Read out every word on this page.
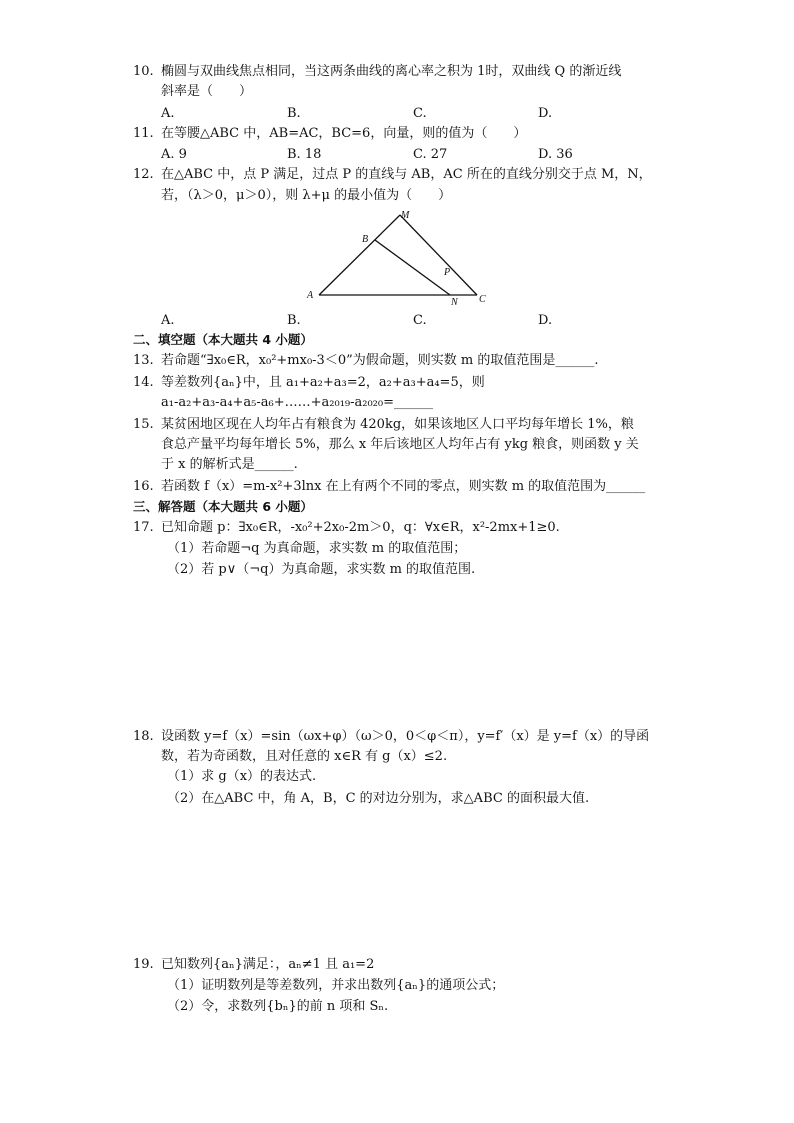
10. 椭圆与双曲线焦点相同，当这两条曲线的离心率之积为 1时，双曲线 Q 的渐近线
斜率是（　　）
A.	B.	C.	D.
11. 在等腰△ABC 中，AB=AC，BC=6，向量，则的值为（　　）
A. 9	B. 18	C. 27	D. 36
12. 在△ABC 中，点 P 满足，过点 P 的直线与 AB，AC 所在的直线分别交于点 M，N，
若，（λ＞0，μ＞0），则 λ+μ 的最小值为（　　）
M
B
P
A
N C
A.	B.	C.	D.
二、填空题（本大题共 4 小题）
13. 若命题“∃x₀∈R，x₀²+mx₀-3＜0”为假命题，则实数 m 的取值范围是______.
14. 等差数列{aₙ}中，且 a₁+a₂+a₃=2，a₂+a₃+a₄=5，则
a₁-a₂+a₃-a₄+a₅-a₆+……+a₂₀₁₉-a₂₀₂₀=______
15. 某贫困地区现在人均年占有粮食为 420kg，如果该地区人口平均每年增长 1%，粮
食总产量平均每年增长 5%，那么 x 年后该地区人均年占有 ykg 粮食，则函数 y 关
于 x 的解析式是______.
16. 若函数 f（x）=m-x²+3lnx 在上有两个不同的零点，则实数 m 的取值范围为______
三、解答题（本大题共 6 小题）
17. 已知命题 p：∃x₀∈R，-x₀²+2x₀-2m＞0，q：∀x∈R，x²-2mx+1≥0.
（1）若命题¬q 为真命题，求实数 m 的取值范围；
（2）若 p∨（¬q）为真命题，求实数 m 的取值范围.
18. 设函数 y=f（x）=sin（ωx+φ）（ω＞0，0＜φ＜π），y=f′（x）是 y=f（x）的导函
数，若为奇函数，且对任意的 x∈R 有 g（x）≤2.
（1）求 g（x）的表达式.
（2）在△ABC 中，角 A，B，C 的对边分别为，求△ABC 的面积最大值.
19. 已知数列{aₙ}满足：，aₙ≠1 且 a₁=2
（1）证明数列是等差数列，并求出数列{aₙ}的通项公式；
（2）令，求数列{bₙ}的前 n 项和 Sₙ.
